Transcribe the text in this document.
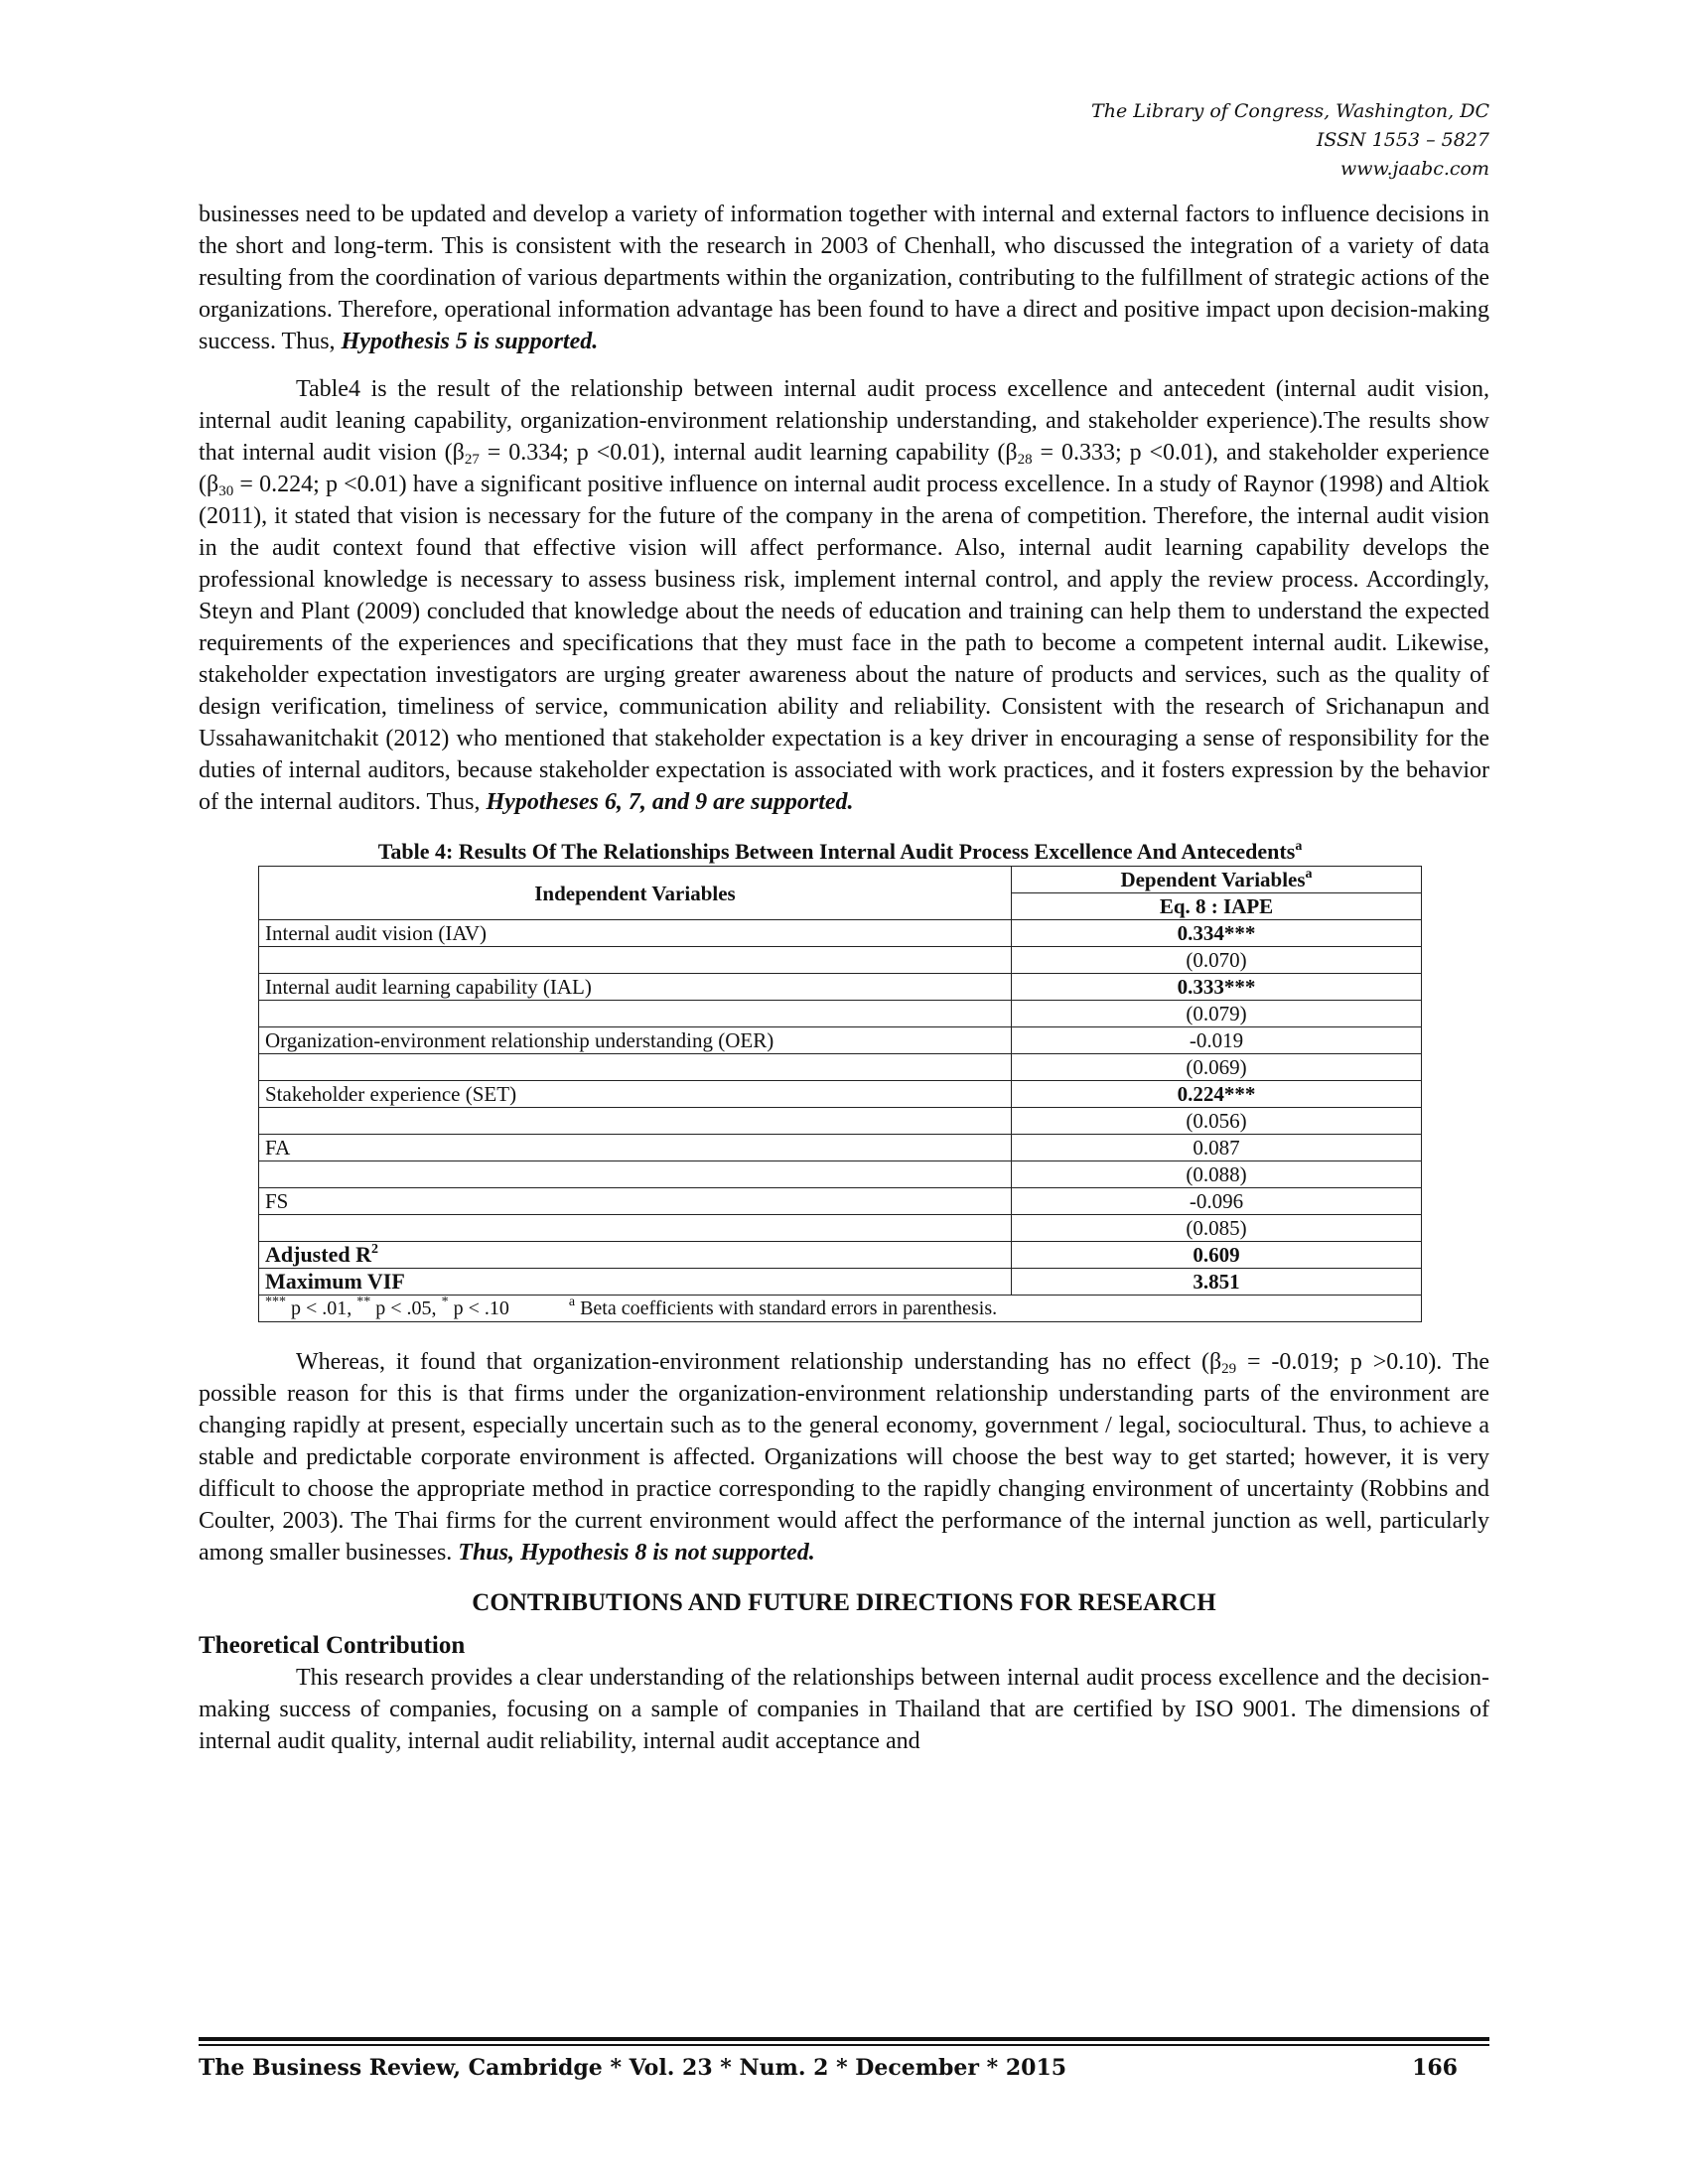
The Library of Congress, Washington, DC
ISSN 1553 – 5827
www.jaabc.com

businesses need to be updated and develop a variety of information together with internal and external factors to influence decisions in the short and long-term. This is consistent with the research in 2003 of Chenhall, who discussed the integration of a variety of data resulting from the coordination of various departments within the organization, contributing to the fulfillment of strategic actions of the organizations. Therefore, operational information advantage has been found to have a direct and positive impact upon decision-making success. Thus, Hypothesis 5 is supported.

Table4 is the result of the relationship between internal audit process excellence and antecedent (internal audit vision, internal audit leaning capability, organization-environment relationship understanding, and stakeholder experience).The results show that internal audit vision ($\beta_{27} = 0.334$; p <0.01), internal audit learning capability ($\beta_{28} = 0.333$; p <0.01), and stakeholder experience ($\beta_{30} = 0.224$; p <0.01) have a significant positive influence on internal audit process excellence. In a study of Raynor (1998) and Altiok (2011), it stated that vision is necessary for the future of the company in the arena of competition. Therefore, the internal audit vision in the audit context found that effective vision will affect performance. Also, internal audit learning capability develops the professional knowledge is necessary to assess business risk, implement internal control, and apply the review process. Accordingly, Steyn and Plant (2009) concluded that knowledge about the needs of education and training can help them to understand the expected requirements of the experiences and specifications that they must face in the path to become a competent internal audit. Likewise, stakeholder expectation investigators are urging greater awareness about the nature of products and services, such as the quality of design verification, timeliness of service, communication ability and reliability. Consistent with the research of Srichanapun and Ussahawanitchakit (2012) who mentioned that stakeholder expectation is a key driver in encouraging a sense of responsibility for the duties of internal auditors, because stakeholder expectation is associated with work practices, and it fosters expression by the behavior of the internal auditors. Thus, Hypotheses 6, 7, and 9 are supported.

Table 4: Results Of The Relationships Between Internal Audit Process Excellence And Antecedents$^a$
Independent Variables	Dependent Variables$^a$
	Eq. 8 : IAPE
Internal audit vision (IAV)	0.334***
	(0.070)
Internal audit learning capability (IAL)	0.333***
	(0.079)
Organization-environment relationship understanding (OER)	-0.019
	(0.069)
Stakeholder experience (SET)	0.224***
	(0.056)
FA	0.087
	(0.088)
FS	-0.096
	(0.085)
Adjusted $R^2$	0.609
Maximum VIF	3.851
*** p < .01, ** p < .05, * p < .10 $^a$ Beta coefficients with standard errors in parenthesis.	

Whereas, it found that organization-environment relationship understanding has no effect ($\beta_{29} = -0.019$; p >0.10). The possible reason for this is that firms under the organization-environment relationship understanding parts of the environment are changing rapidly at present, especially uncertain such as to the general economy, government / legal, sociocultural. Thus, to achieve a stable and predictable corporate environment is affected. Organizations will choose the best way to get started; however, it is very difficult to choose the appropriate method in practice corresponding to the rapidly changing environment of uncertainty (Robbins and Coulter, 2003). The Thai firms for the current environment would affect the performance of the internal junction as well, particularly among smaller businesses. Thus, Hypothesis 8 is not supported.

CONTRIBUTIONS AND FUTURE DIRECTIONS FOR RESEARCH
Theoretical Contribution

This research provides a clear understanding of the relationships between internal audit process excellence and the decision-making success of companies, focusing on a sample of companies in Thailand that are certified by ISO 9001. The dimensions of internal audit quality, internal audit reliability, internal audit acceptance and

The Business Review, Cambridge * Vol. 23 * Num. 2 * December * 2015	166
